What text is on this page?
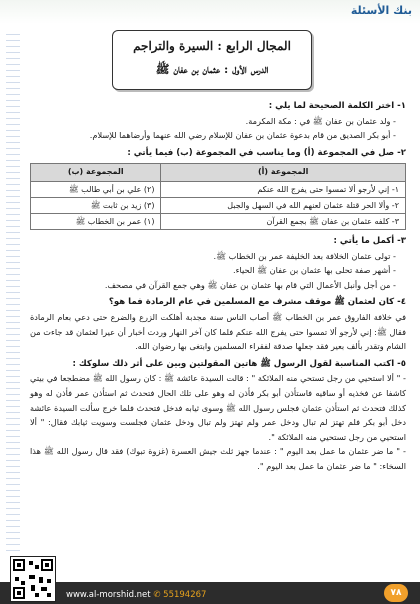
بنك الأسئلة
المجال الرابع : السيرة والتراجم
الدرس الأول : عثمان بن عفان ﷺ
١- اختر الكلمة الصحيحة لما يلي :
- ولد عثمان بن عفان ﷺ في : مكة المكرمة.
- أبو بكر الصديق من قام بدعوة عثمان بن عفان للإسلام رضي الله عنهما وأرضاهما للإسلام.
٢- صل في المجموعة (أ) وما يناسب في المجموعة (ب) فيما يأتي :
المجموعة (أ)	المجموعة (ب)
١- إني لأرجو ألا تمسوا حتى يفرج الله عنكم	(٢) علي بن أبي طالب ﷺ
٢- وألا الحر قتلة عثمان لعنهم الله في السهل والجبل	(٣) زيد بن ثابت ﷺ
٣- كلفه عثمان بن عفان ﷺ بجمع القرآن	(١) عمر بن الخطاب ﷺ
٣- أكمل ما يأتي :
- تولى عثمان الخلافة بعد الخليفة عمر بن الخطاب ﷺ.
- أشهر صفة تحلى بها عثمان بن عفان ﷺ الحياء.
- من أجل وأنبل الأعمال التي قام بها عثمان بن عفان ﷺ وهي جمع القرآن في مصحف.
٤- كان لعثمان ﷺ موقف مشرف مع المسلمين في عام الرمادة فما هو؟
في خلافة الفاروق عمر بن الخطاب ﷺ أصاب الناس سنة مجدبة أهلكت الزرع والضرع حتى دعي بعام الرمادة فقال ﷺ: إني لأرجو ألا تمسوا حتى يفرج الله عنكم فلما كان آخر النهار وردت أخبار أن عيرا لعثمان قد جاءت من الشام وتقدر بألف بعير فقد جعلها صدقة لفقراء المسلمين وابتغى بها رضوان الله.
٥- اكتب المناسبة لقول الرسول ﷺ هاتين المقولتين وبين على أثر ذلك سلوكك :
- " ألا استحيي من رجل تستحي منه الملائكة " : قالت السيدة عائشة ﷺ : كان رسول الله ﷺ مضطجعا في بيتي كاشفا عن فخذيه أو ساقيه فاستأذن أبو بكر فأذن له وهو على تلك الحال فتحدث ثم استأذن عمر فأذن له وهو كذلك فتحدث ثم استأذن عثمان فجلس رسول الله ﷺ وسوى ثيابه فدخل فتحدث فلما خرج سألت السيدة عائشة دخل أبو بكر فلم تهتز لم تبال ودخل عمر ولم تهتز ولم تبال ودخل عثمان فجلست وسويت ثيابك فقال: " ألا استحيي من رجل تستحيي منه الملائكة ".
- " ما ضر عثمان ما عمل بعد اليوم " : عندما جهز ثلث جيش العسرة (غزوة تبوك) فقد قال رسول الله ﷺ هذا السخاء: " ما ضر عثمان ما عمل بعد اليوم ".
www.al-morshid.net ✆ 55194267	٧٨
